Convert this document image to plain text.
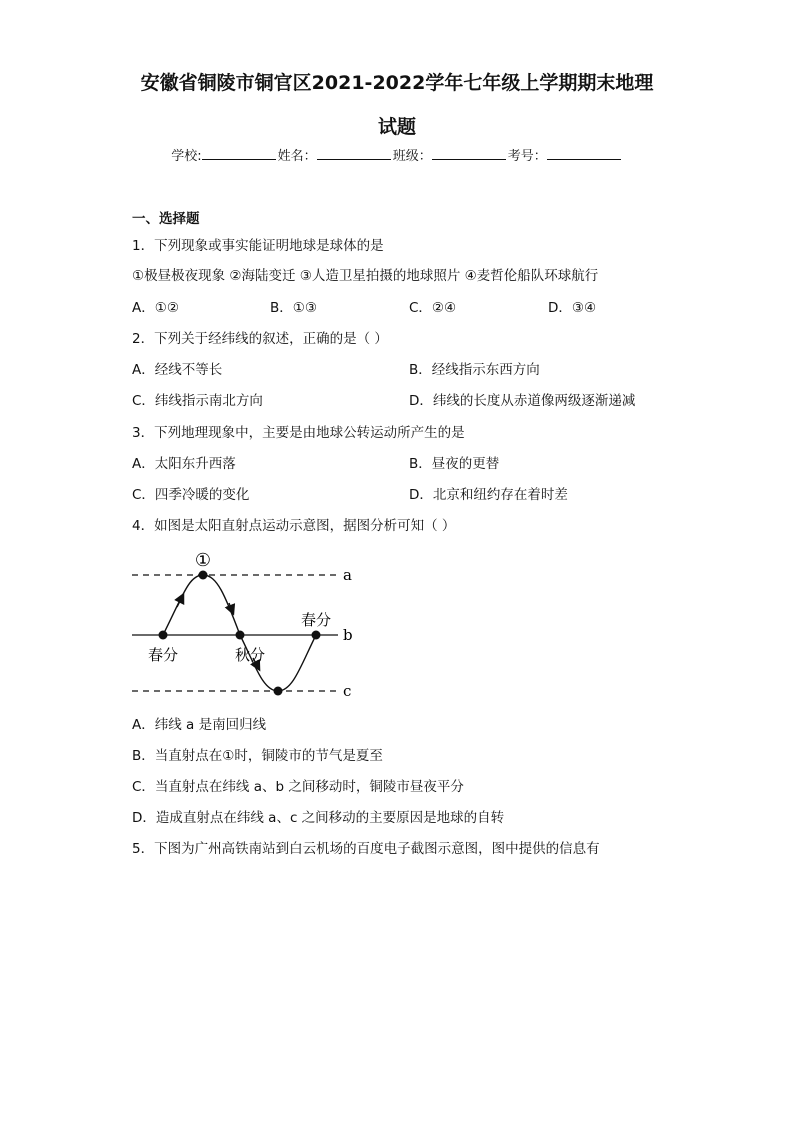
安徽省铜陵市铜官区2021-2022学年七年级上学期期末地理
试题
学校:	姓名：	班级：	考号：
一、选择题
1．下列现象或事实能证明地球是球体的是
①极昼极夜现象 ②海陆变迁 ③人造卫星拍摄的地球照片 ④麦哲伦船队环球航行
A．①②	B．①③	C．②④	D．③④
2．下列关于经纬线的叙述，正确的是（ ）
A．经线不等长	B．经线指示东西方向
C．纬线指示南北方向	D．纬线的长度从赤道像两级逐渐递减
3．下列地理现象中，主要是由地球公转运动所产生的是
A．太阳东升西落	B．昼夜的更替
C．四季冷暖的变化	D．北京和纽约存在着时差
4．如图是太阳直射点运动示意图，据图分析可知（ ）
①
a
b
c
春分	秋分
春分
A．纬线 a 是南回归线
B．当直射点在①时，铜陵市的节气是夏至
C．当直射点在纬线 a、b 之间移动时，铜陵市昼夜平分
D．造成直射点在纬线 a、c 之间移动的主要原因是地球的自转
5．下图为广州高铁南站到白云机场的百度电子截图示意图，图中提供的信息有
